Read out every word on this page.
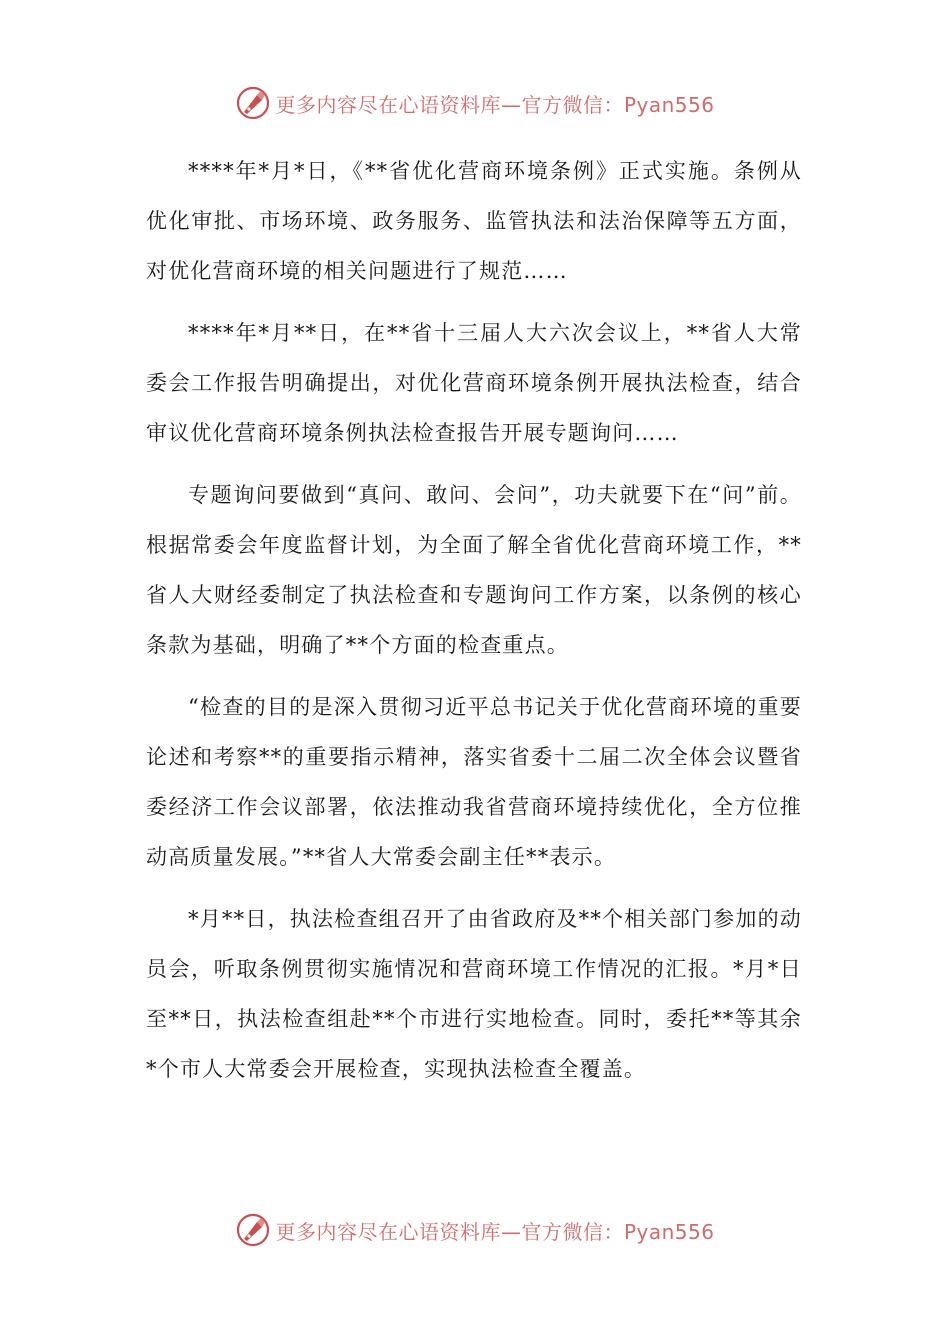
更多内容尽在心语资料库—官方微信：Pyan556

****年*月*日，《**省优化营商环境条例》正式实施。条例从优化审批、市场环境、政务服务、监管执法和法治保障等五方面，对优化营商环境的相关问题进行了规范……

****年*月**日，在**省十三届人大六次会议上，**省人大常委会工作报告明确提出，对优化营商环境条例开展执法检查，结合审议优化营商环境条例执法检查报告开展专题询问……

专题询问要做到“真问、敢问、会问”，功夫就要下在“问”前。根据常委会年度监督计划，为全面了解全省优化营商环境工作，**省人大财经委制定了执法检查和专题询问工作方案，以条例的核心条款为基础，明确了**个方面的检查重点。

“检查的目的是深入贯彻习近平总书记关于优化营商环境的重要论述和考察**的重要指示精神，落实省委十二届二次全体会议暨省委经济工作会议部署，依法推动我省营商环境持续优化，全方位推动高质量发展。”**省人大常委会副主任**表示。

*月**日，执法检查组召开了由省政府及**个相关部门参加的动员会，听取条例贯彻实施情况和营商环境工作情况的汇报。*月*日至**日，执法检查组赴**个市进行实地检查。同时，委托**等其余*个市人大常委会开展检查，实现执法检查全覆盖。

更多内容尽在心语资料库—官方微信：Pyan556
